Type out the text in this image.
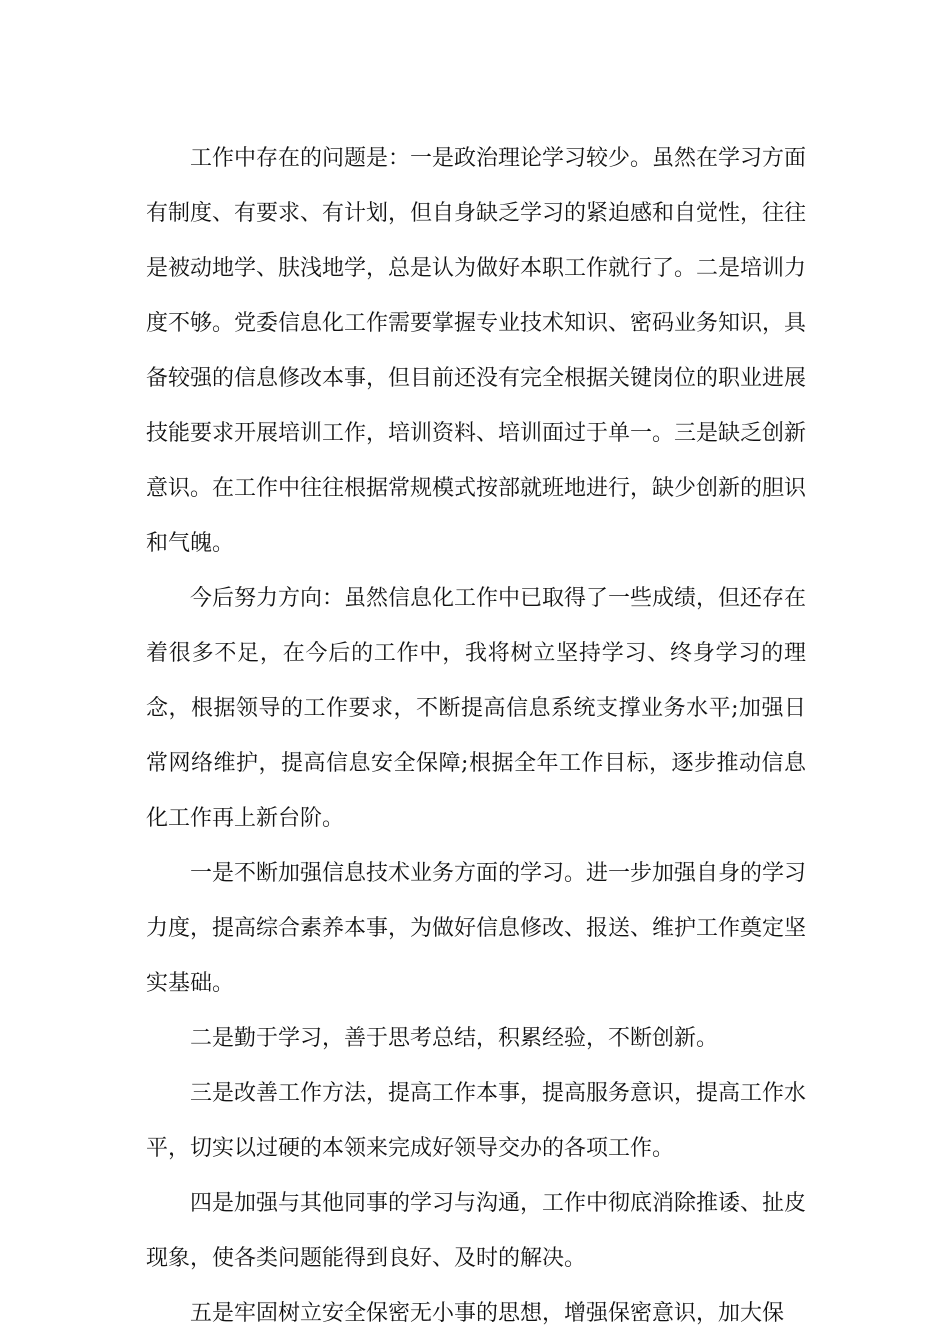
工作中存在的问题是：一是政治理论学习较少。虽然在学习方面有制度、有要求、有计划，但自身缺乏学习的紧迫感和自觉性，往往是被动地学、肤浅地学，总是认为做好本职工作就行了。二是培训力度不够。党委信息化工作需要掌握专业技术知识、密码业务知识，具备较强的信息修改本事，但目前还没有完全根据关键岗位的职业进展技能要求开展培训工作，培训资料、培训面过于单一。三是缺乏创新意识。在工作中往往根据常规模式按部就班地进行，缺少创新的胆识和气魄。

今后努力方向：虽然信息化工作中已取得了一些成绩，但还存在着很多不足，在今后的工作中，我将树立坚持学习、终身学习的理念，根据领导的工作要求，不断提高信息系统支撑业务水平;加强日常网络维护，提高信息安全保障;根据全年工作目标，逐步推动信息化工作再上新台阶。

一是不断加强信息技术业务方面的学习。进一步加强自身的学习力度，提高综合素养本事，为做好信息修改、报送、维护工作奠定坚实基础。

二是勤于学习，善于思考总结，积累经验，不断创新。

三是改善工作方法，提高工作本事，提高服务意识，提高工作水平，切实以过硬的本领来完成好领导交办的各项工作。

四是加强与其他同事的学习与沟通，工作中彻底消除推诿、扯皮现象，使各类问题能得到良好、及时的解决。

五是牢固树立安全保密无小事的思想，增强保密意识，加大保
